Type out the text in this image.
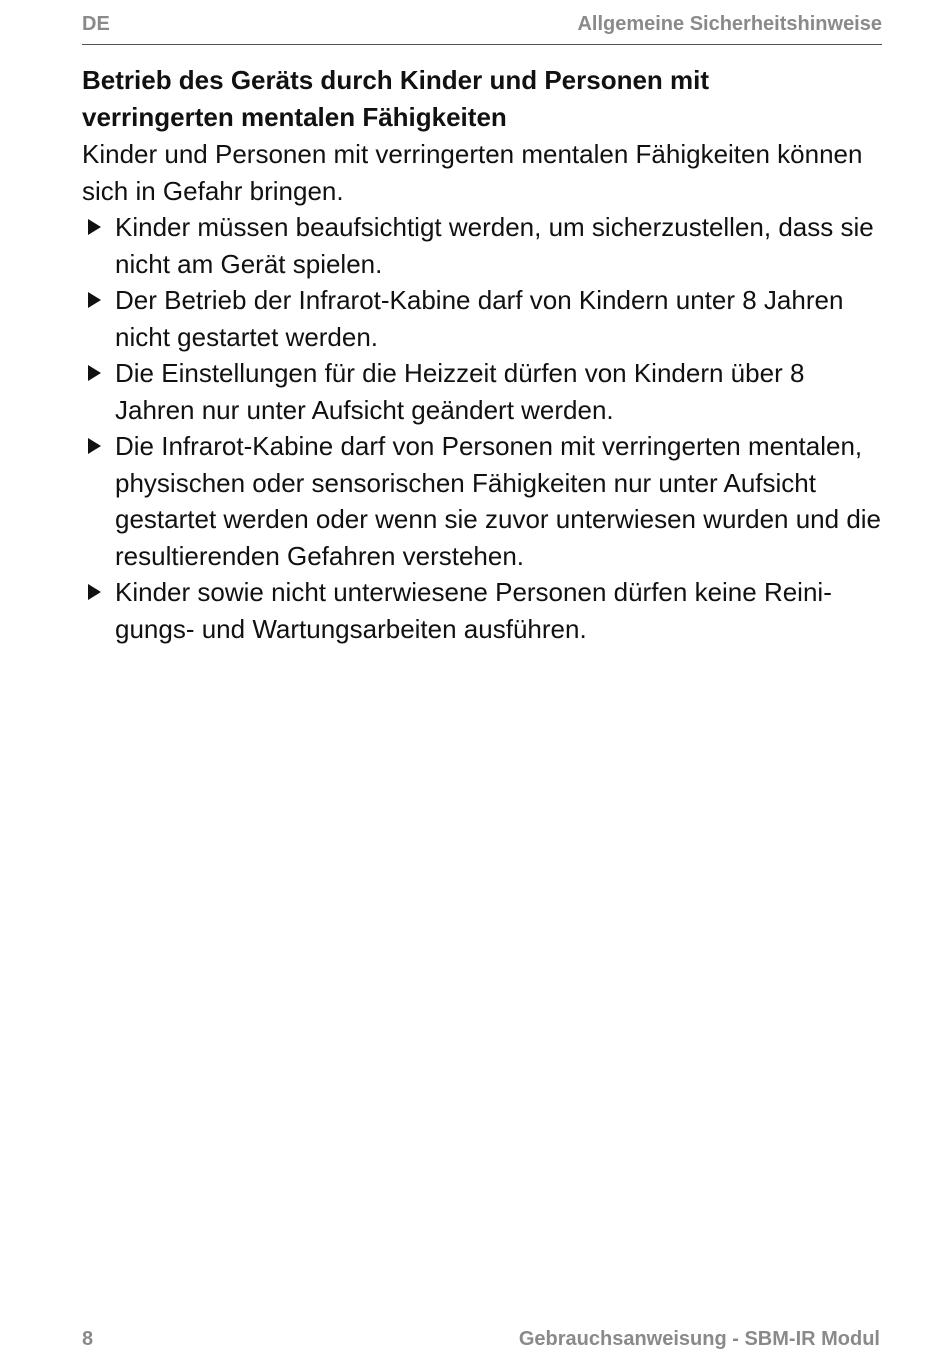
DE	Allgemeine Sicherheitshinweise
Betrieb des Geräts durch Kinder und Personen mit
verringerten mentalen Fähigkeiten

Kinder und Personen mit verringerten mentalen Fähigkeiten können sich in Gefahr bringen.

Kinder müssen beaufsichtigt werden, um sicherzustellen, dass sie nicht am Gerät spielen.
Der Betrieb der Infrarot-Kabine darf von Kindern unter 8 Jahren nicht gestartet werden.
Die Einstellungen für die Heizzeit dürfen von Kindern über 8 Jahren nur unter Aufsicht geändert werden.
Die Infrarot-Kabine darf von Personen mit verringerten mentalen, physischen oder sensorischen Fähigkeiten nur unter Aufsicht gestartet werden oder wenn sie zuvor unterwiesen wurden und die resultierenden Gefahren verstehen.
Kinder sowie nicht unterwiesene Personen dürfen keine Reinigungs- und Wartungsarbeiten ausführen.
8	Gebrauchsanweisung - SBM-IR Modul
